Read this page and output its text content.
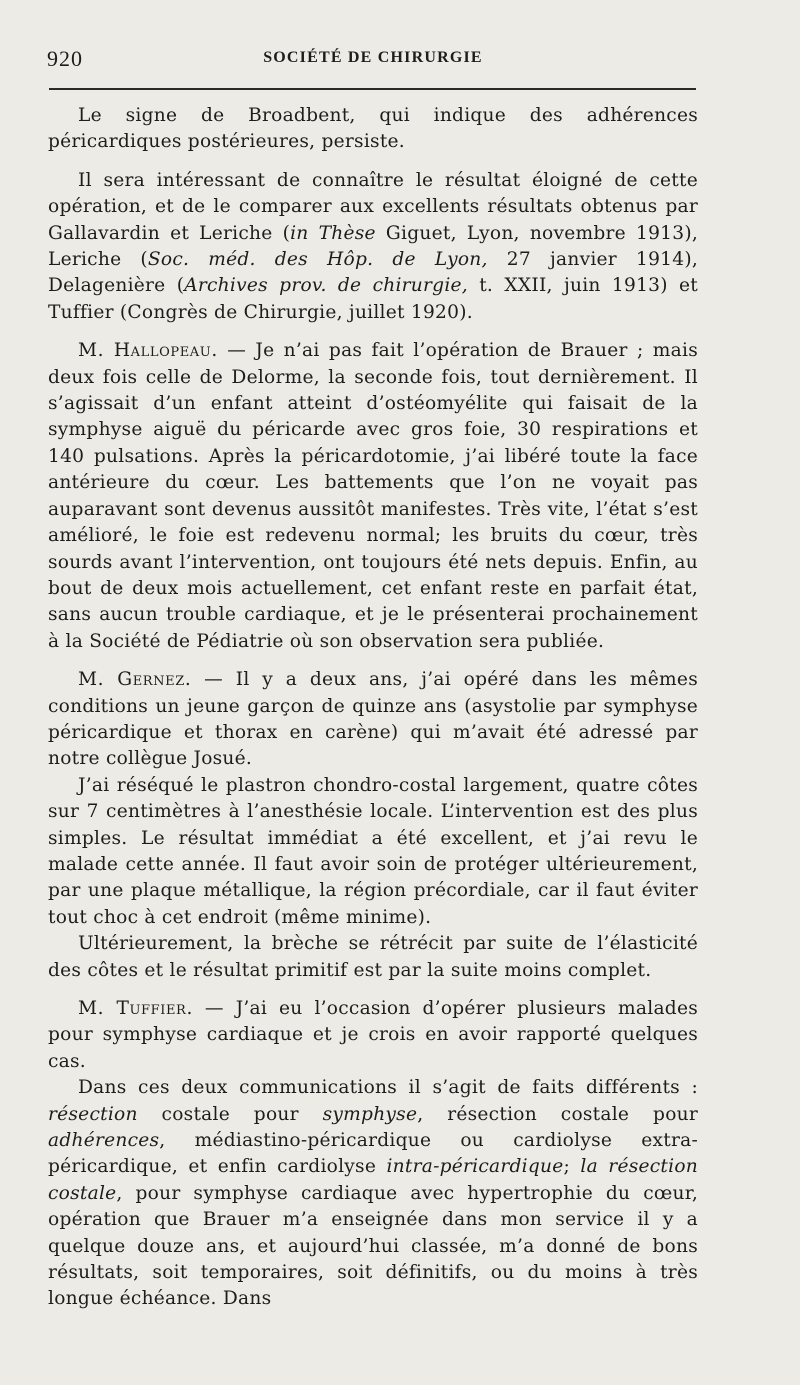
920	SOCIÉTÉ DE CHIRURGIE

Le signe de Broadbent, qui indique des adhérences péricardiques postérieures, persiste.

Il sera intéressant de connaître le résultat éloigné de cette opération, et de le comparer aux excellents résultats obtenus par Gallavardin et Leriche (in Thèse Giguet, Lyon, novembre 1913), Leriche (Soc. méd. des Hôp. de Lyon, 27 janvier 1914), Delagenière (Archives prov. de chirurgie, t. XXII, juin 1913) et Tuffier (Congrès de Chirurgie, juillet 1920).

M. Hallopeau. — Je n’ai pas fait l’opération de Brauer ; mais deux fois celle de Delorme, la seconde fois, tout dernièrement. Il s’agissait d’un enfant atteint d’ostéomyélite qui faisait de la symphyse aiguë du péricarde avec gros foie, 30 respirations et 140 pulsations. Après la péricardotomie, j’ai libéré toute la face antérieure du cœur. Les battements que l’on ne voyait pas auparavant sont devenus aussitôt manifestes. Très vite, l’état s’est amélioré, le foie est redevenu normal; les bruits du cœur, très sourds avant l’intervention, ont toujours été nets depuis. Enfin, au bout de deux mois actuellement, cet enfant reste en parfait état, sans aucun trouble cardiaque, et je le présenterai prochainement à la Société de Pédiatrie où son observation sera publiée.

M. Gernez. — Il y a deux ans, j’ai opéré dans les mêmes conditions un jeune garçon de quinze ans (asystolie par symphyse péricardique et thorax en carène) qui m’avait été adressé par notre collègue Josué.

J’ai réséqué le plastron chondro-costal largement, quatre côtes sur 7 centimètres à l’anesthésie locale. L’intervention est des plus simples. Le résultat immédiat a été excellent, et j’ai revu le malade cette année. Il faut avoir soin de protéger ultérieurement, par une plaque métallique, la région précordiale, car il faut éviter tout choc à cet endroit (même minime).

Ultérieurement, la brèche se rétrécit par suite de l’élasticité des côtes et le résultat primitif est par la suite moins complet.

M. Tuffier. — J’ai eu l’occasion d’opérer plusieurs malades pour symphyse cardiaque et je crois en avoir rapporté quelques cas.

Dans ces deux communications il s’agit de faits différents : résection costale pour symphyse, résection costale pour adhérences, médiastino-péricardique ou cardiolyse extra-péricardique, et enfin cardiolyse intra-péricardique; la résection costale, pour symphyse cardiaque avec hypertrophie du cœur, opération que Brauer m’a enseignée dans mon service il y a quelque douze ans, et aujourd’hui classée, m’a donné de bons résultats, soit temporaires, soit définitifs, ou du moins à très longue échéance. Dans
